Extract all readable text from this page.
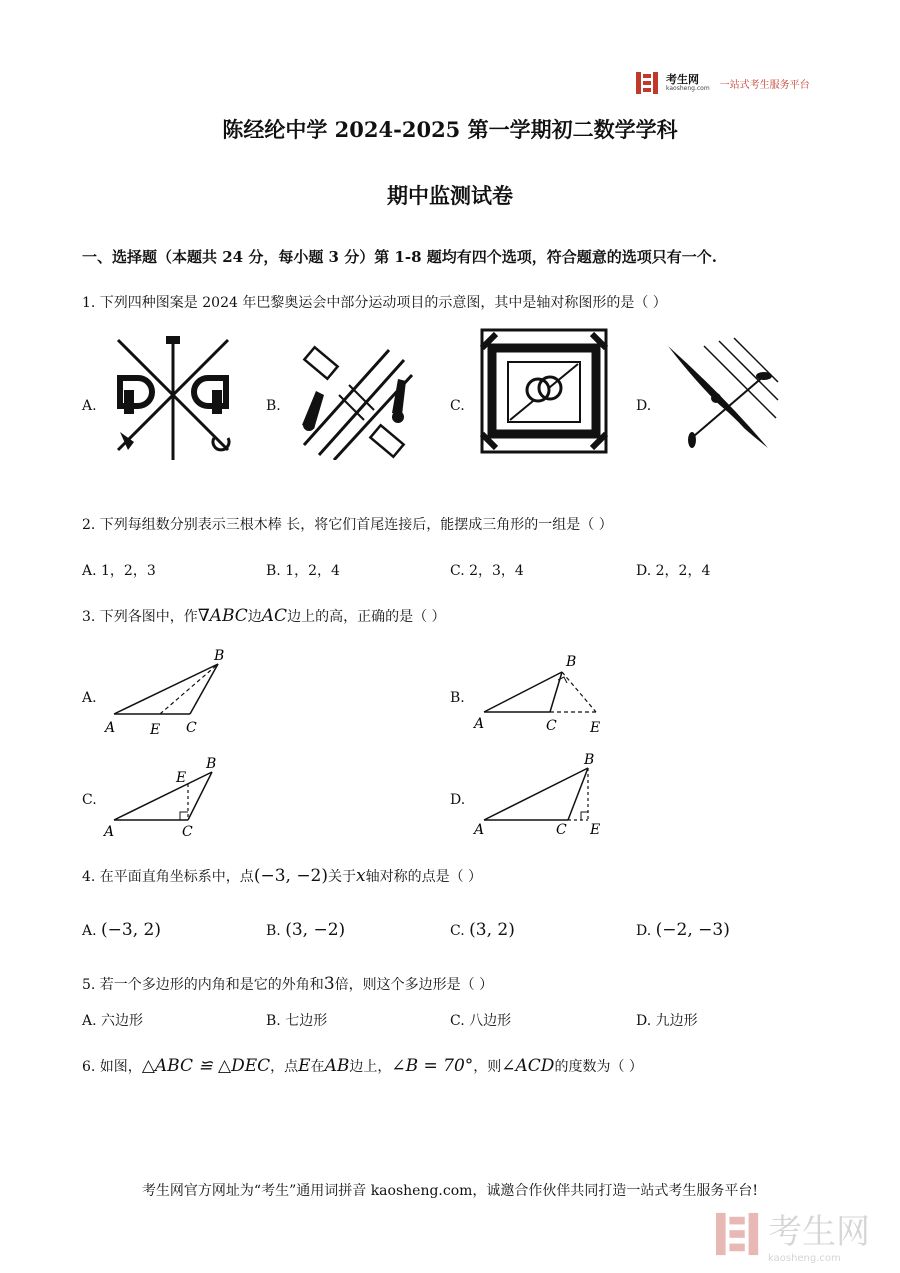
考生网
kaosheng.com 一站式考生服务平台
陈经纶中学 2024-2025 第一学期初二数学学科
期中监测试卷
一、选择题（本题共 24 分，每小题 3 分）第 1-8 题均有四个选项，符合题意的选项只有一个.
1. 下列四种图案是 2024 年巴黎奥运会中部分运动项目的示意图，其中是轴对称图形的是（ ）
A.	B.	C.	D.
2. 下列每组数分别表示三根木棒 长，将它们首尾连接后，能摆成三角形的一组是（ ）
A. 1，2，3	B. 1，2，4	C. 2，3，4	D. 2，2，4
3. 下列各图中，作∇ABC边AC边上的高，正确的是（ ）
A.
A
B
C
E
B.
A
B
C E
C.
A
B
C
E
D.
A
B
C E
4. 在平面直角坐标系中，点(−3, −2)关于x轴对称的点是（ ）
A. (−3, 2)	B. (3, −2)	C. (3, 2)	D. (−2, −3)
5. 若一个多边形的内角和是它的外角和3倍，则这个多边形是（ ）
A. 六边形	B. 七边形	C. 八边形	D. 九边形
6. 如图，△ABC ≌ △DEC，点E在AB边上，∠B = 70°，则∠ACD的度数为（ ）
考生网官方网址为“考生”通用词拼音 kaosheng.com，诚邀合作伙伴共同打造一站式考生服务平台!
考生网
kaosheng.com
